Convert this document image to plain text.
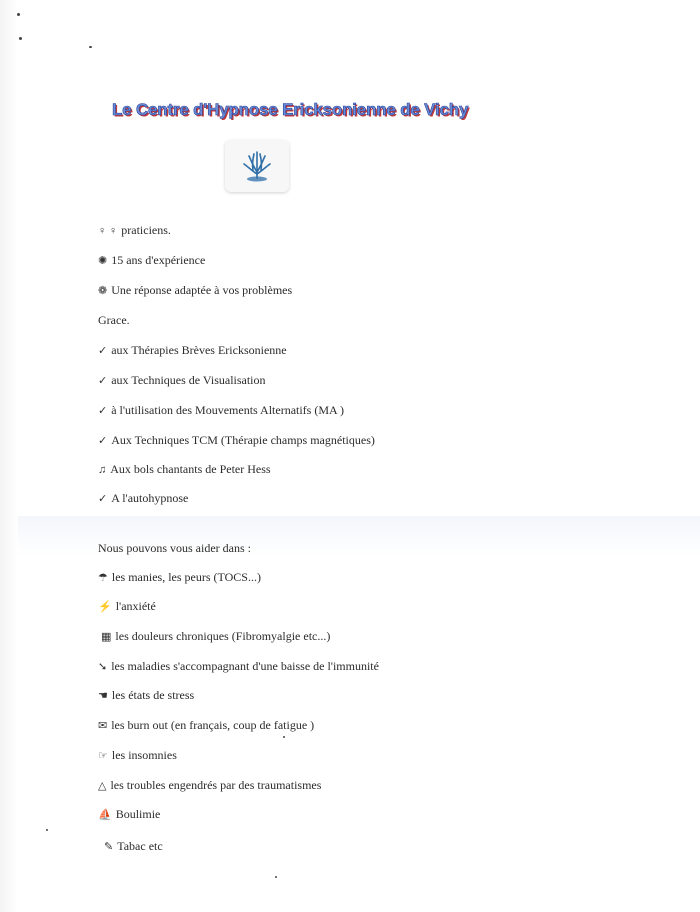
Le Centre d'Hypnose Ericksonienne de Vichy
♀ ♀ praticiens.
✺ 15 ans d'expérience
❁ Une réponse adaptée à vos problèmes
Grace.
✓ aux Thérapies Brèves Ericksonienne
✓ aux Techniques de Visualisation
✓ à l'utilisation des Mouvements Alternatifs (MA )
✓ Aux Techniques TCM (Thérapie champs magnétiques)
♫ Aux bols chantants de Peter Hess
✓ A l'autohypnose
Nous pouvons vous aider dans :
☂ les manies, les peurs (TOCS...)
⚡ l'anxiété
▦ les douleurs chroniques (Fibromyalgie etc...)
➘ les maladies s'accompagnant d'une baisse de l'immunité
☚ les états de stress
✉ les burn out (en français, coup de fatigue )
☞ les insomnies
△ les troubles engendrés par des traumatismes
⛵ Boulimie
✎ Tabac etc
